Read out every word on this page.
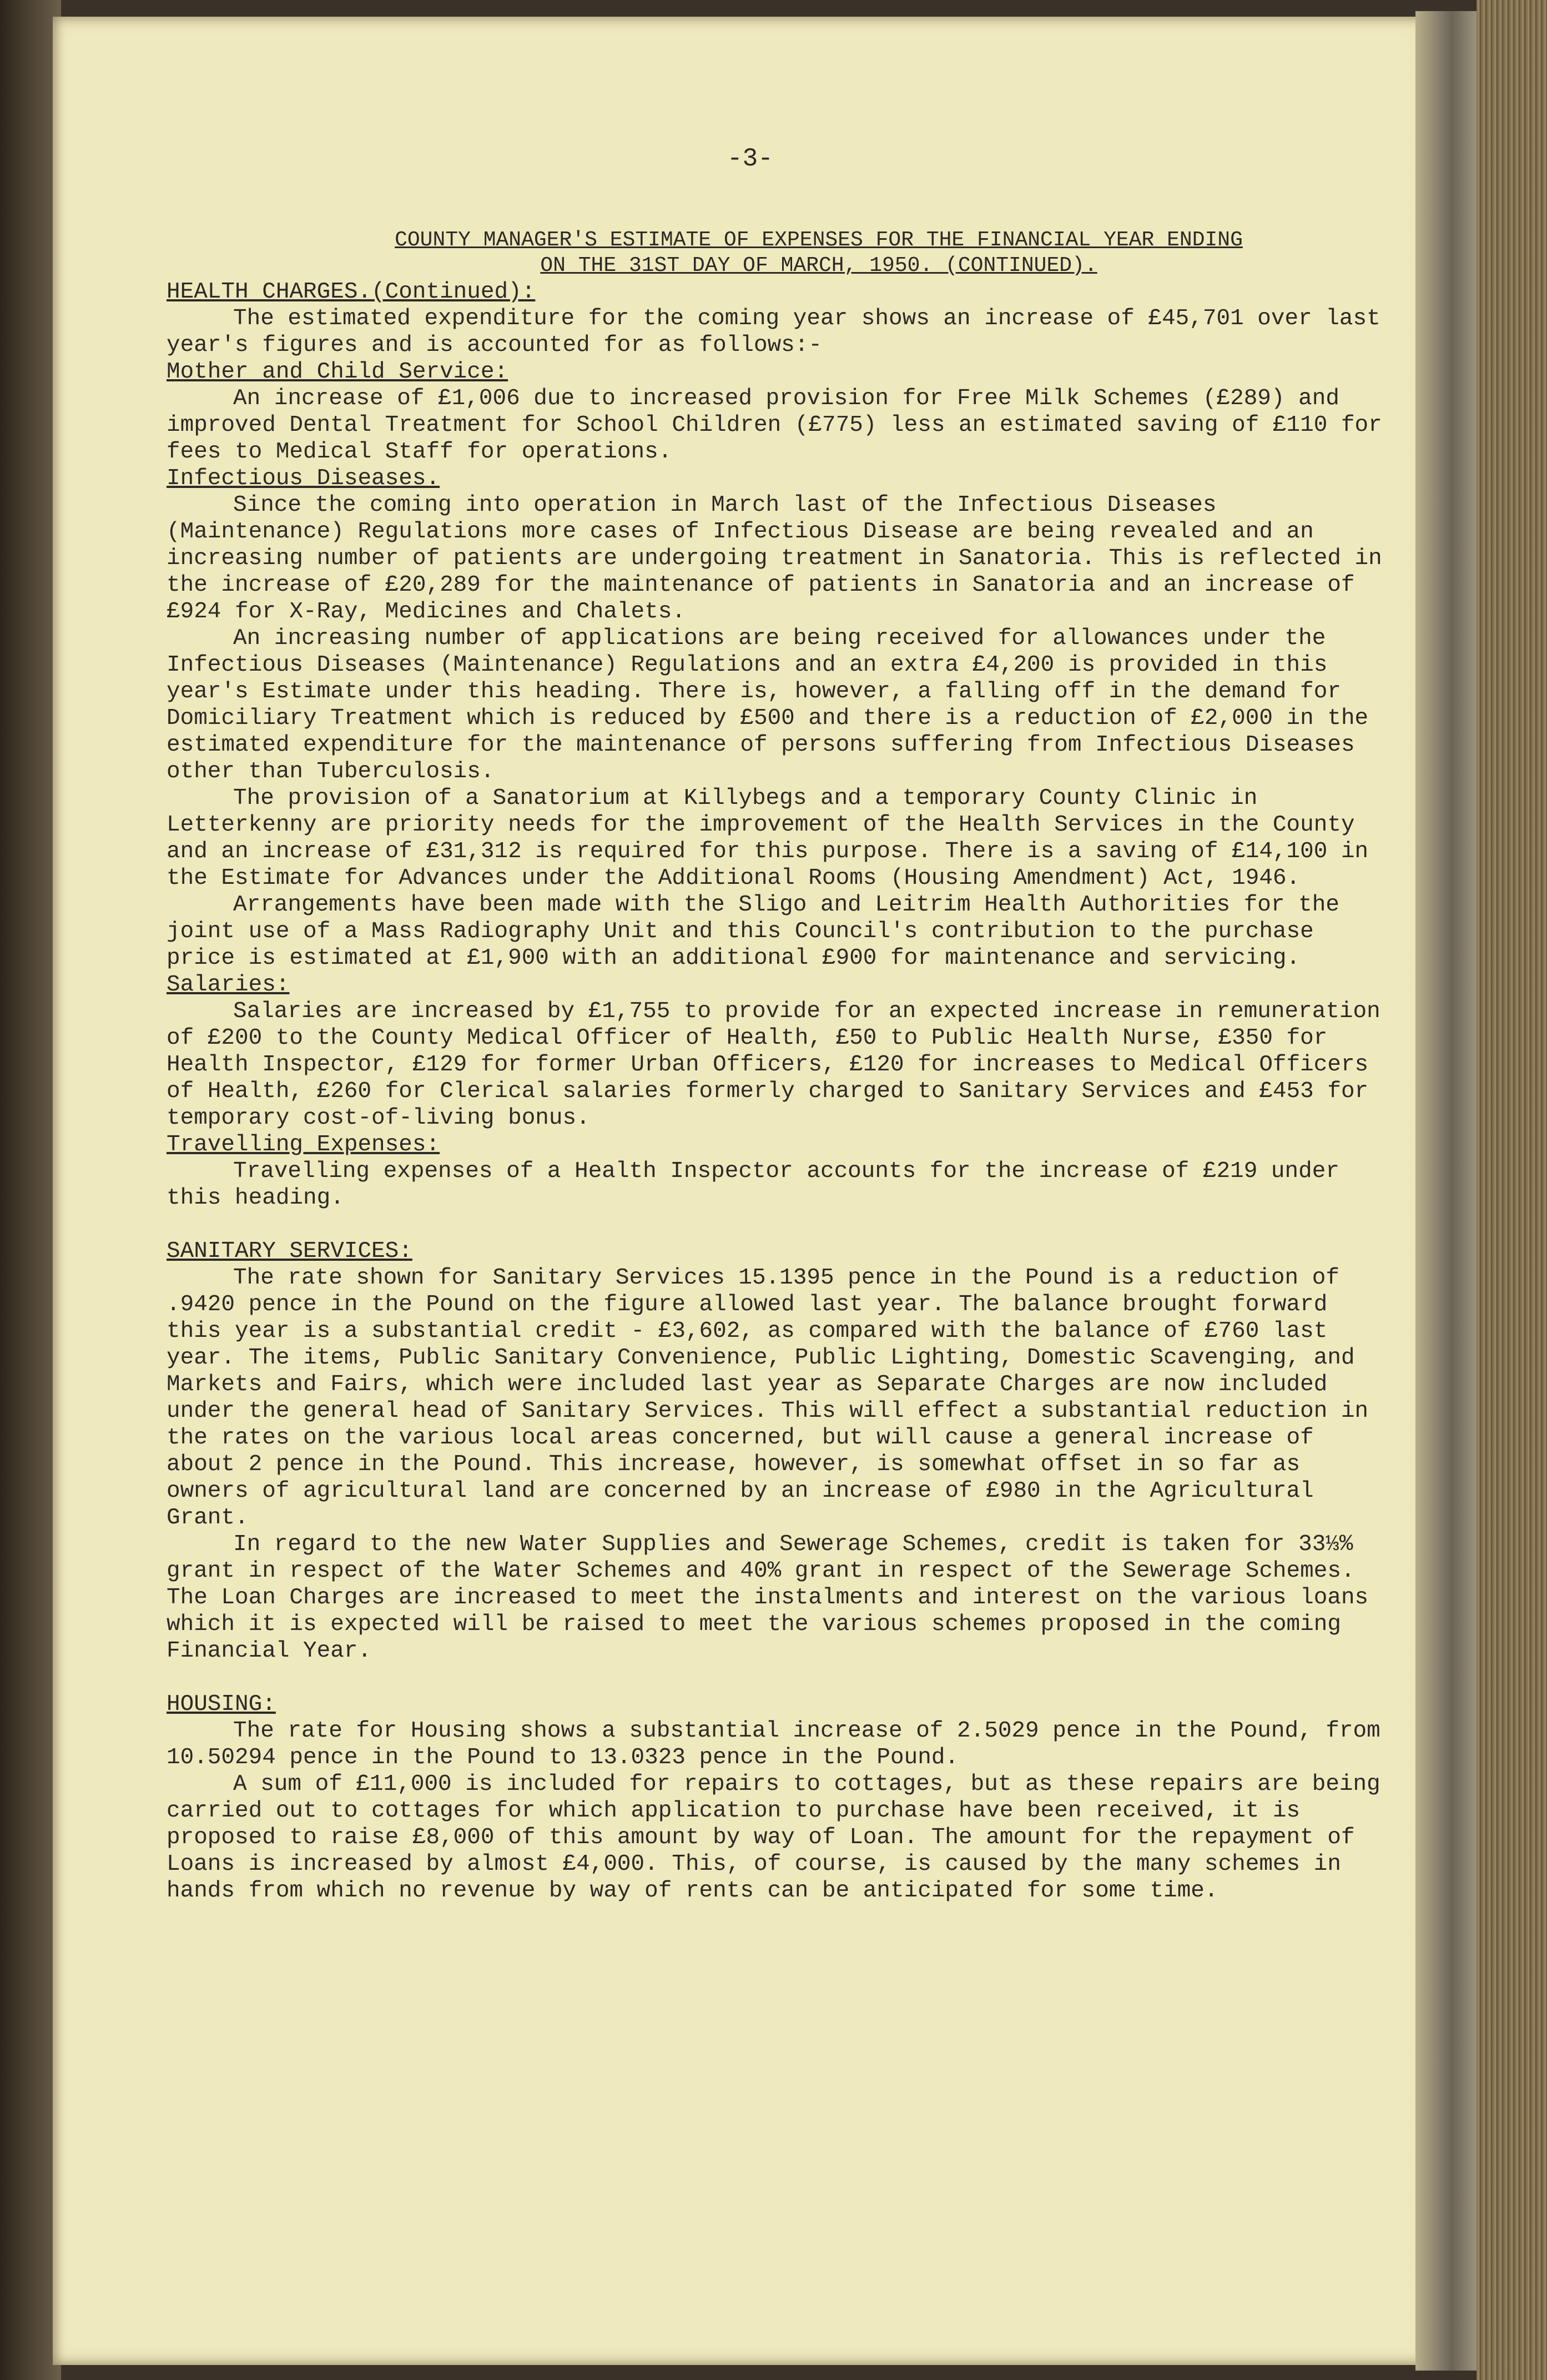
-3-
COUNTY MANAGER'S ESTIMATE OF EXPENSES FOR THE FINANCIAL YEAR ENDING
ON THE 31ST DAY OF MARCH, 1950. (CONTINUED).
HEALTH CHARGES.(Continued):

The estimated expenditure for the coming year shows an increase of £45,701 over last year's figures and is accounted for as follows:-

Mother and Child Service:

An increase of £1,006 due to increased provision for Free Milk Schemes (£289) and improved Dental Treatment for School Children (£775) less an estimated saving of £110 for fees to Medical Staff for operations.

Infectious Diseases.

Since the coming into operation in March last of the Infectious Diseases (Maintenance) Regulations more cases of Infectious Disease are being revealed and an increasing number of patients are undergoing treatment in Sanatoria. This is reflected in the increase of £20,289 for the maintenance of patients in Sanatoria and an increase of £924 for X-Ray, Medicines and Chalets.

An increasing number of applications are being received for allowances under the Infectious Diseases (Maintenance) Regulations and an extra £4,200 is provided in this year's Estimate under this heading. There is, however, a falling off in the demand for Domiciliary Treatment which is reduced by £500 and there is a reduction of £2,000 in the estimated expenditure for the maintenance of persons suffering from Infectious Diseases other than Tuberculosis.

The provision of a Sanatorium at Killybegs and a temporary County Clinic in Letterkenny are priority needs for the improvement of the Health Services in the County and an increase of £31,312 is required for this purpose. There is a saving of £14,100 in the Estimate for Advances under the Additional Rooms (Housing Amendment) Act, 1946.

Arrangements have been made with the Sligo and Leitrim Health Authorities for the joint use of a Mass Radiography Unit and this Council's contribution to the purchase price is estimated at £1,900 with an additional £900 for maintenance and servicing.

Salaries:

Salaries are increased by £1,755 to provide for an expected increase in remuneration of £200 to the County Medical Officer of Health, £50 to Public Health Nurse, £350 for Health Inspector, £129 for former Urban Officers, £120 for increases to Medical Officers of Health, £260 for Clerical salaries formerly charged to Sanitary Services and £453 for temporary cost-of-living bonus.

Travelling Expenses:

Travelling expenses of a Health Inspector accounts for the increase of £219 under this heading.

SANITARY SERVICES:

The rate shown for Sanitary Services 15.1395 pence in the Pound is a reduction of .9420 pence in the Pound on the figure allowed last year. The balance brought forward this year is a substantial credit - £3,602, as compared with the balance of £760 last year. The items, Public Sanitary Convenience, Public Lighting, Domestic Scavenging, and Markets and Fairs, which were included last year as Separate Charges are now included under the general head of Sanitary Services. This will effect a substantial reduction in the rates on the various local areas concerned, but will cause a general increase of about 2 pence in the Pound. This increase, however, is somewhat offset in so far as owners of agricultural land are concerned by an increase of £980 in the Agricultural Grant.

In regard to the new Water Supplies and Sewerage Schemes, credit is taken for 33⅓% grant in respect of the Water Schemes and 40% grant in respect of the Sewerage Schemes. The Loan Charges are increased to meet the instalments and interest on the various loans which it is expected will be raised to meet the various schemes proposed in the coming Financial Year.

HOUSING:

The rate for Housing shows a substantial increase of 2.5029 pence in the Pound, from 10.50294 pence in the Pound to 13.0323 pence in the Pound.

A sum of £11,000 is included for repairs to cottages, but as these repairs are being carried out to cottages for which application to purchase have been received, it is proposed to raise £8,000 of this amount by way of Loan. The amount for the repayment of Loans is increased by almost £4,000. This, of course, is caused by the many schemes in hands from which no revenue by way of rents can be anticipated for some time.
